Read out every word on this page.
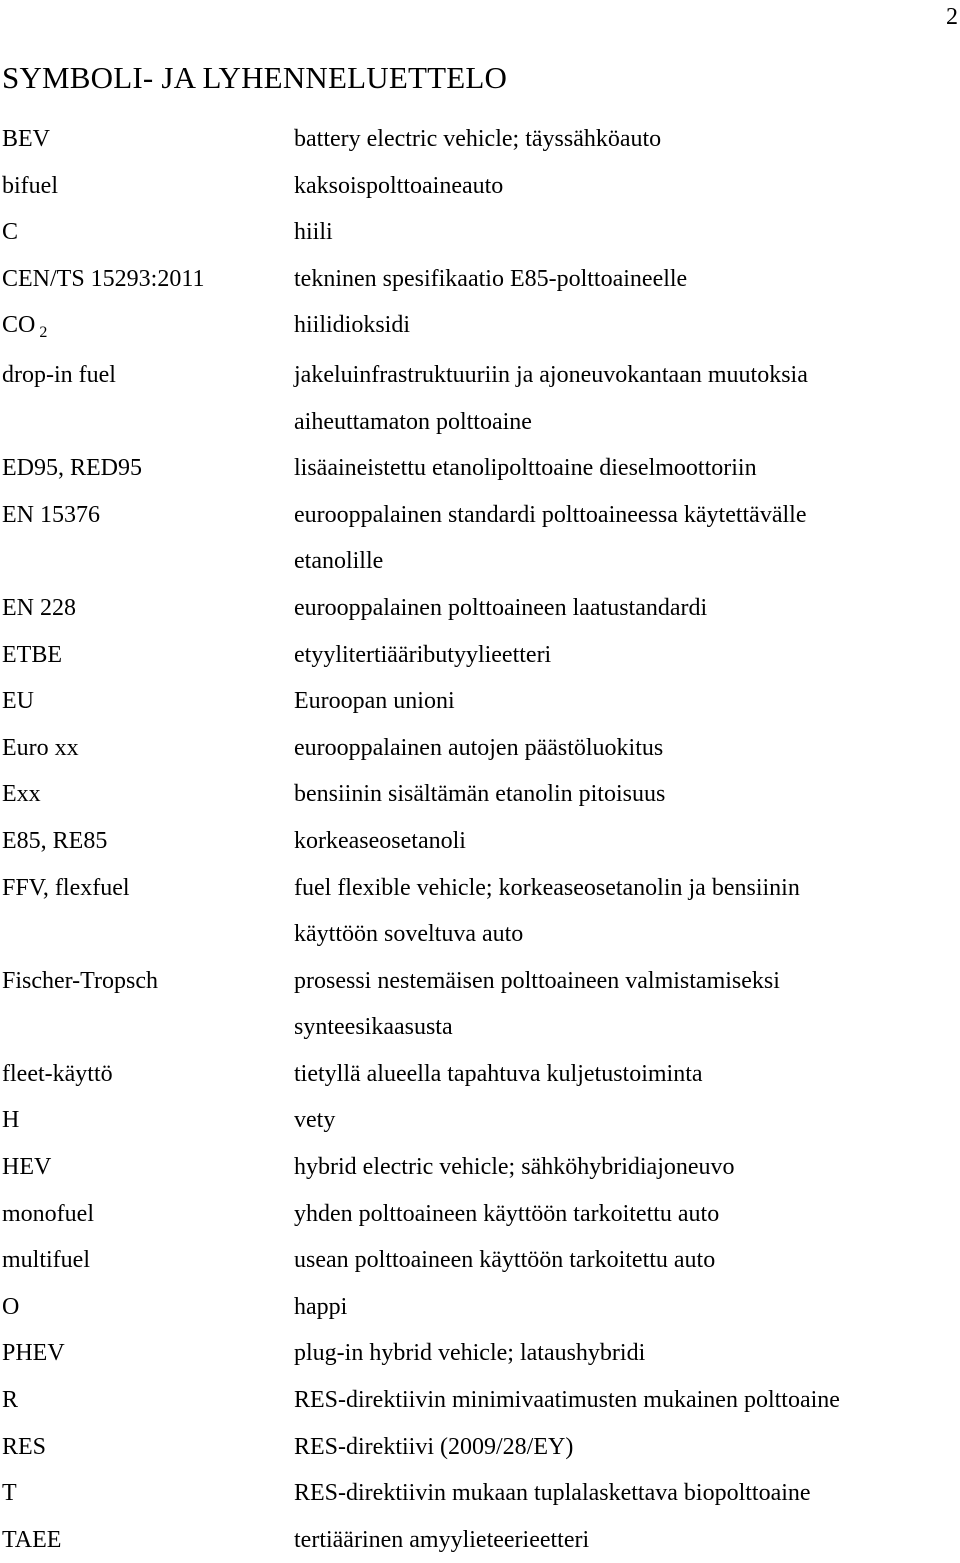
2
SYMBOLI- JA LYHENNELUETTELO
BEV	battery electric vehicle; täyssähköauto
bifuel	kaksoispolttoaineauto
C	hiili
CEN/TS 15293:2011	tekninen spesifikaatio E85-polttoaineelle
CO $_2$	hiilidioksidi
drop-in fuel	jakeluinfrastruktuuriin ja ajoneuvokantaan muutoksia
aiheuttamaton polttoaine
ED95, RED95	lisäaineistettu etanolipolttoaine dieselmoottoriin
EN 15376	eurooppalainen standardi polttoaineessa käytettävälle
etanolille
EN 228	eurooppalainen polttoaineen laatustandardi
ETBE	etyylitertiääributyylieetteri
EU	Euroopan unioni
Euro xx	eurooppalainen autojen päästöluokitus
Exx	bensiinin sisältämän etanolin pitoisuus
E85, RE85	korkeaseosetanoli
FFV, flexfuel	fuel flexible vehicle; korkeaseosetanolin ja bensiinin
käyttöön soveltuva auto
Fischer-Tropsch	prosessi nestemäisen polttoaineen valmistamiseksi
synteesikaasusta
fleet-käyttö	tietyllä alueella tapahtuva kuljetustoiminta
H	vety
HEV	hybrid electric vehicle; sähköhybridiajoneuvo
monofuel	yhden polttoaineen käyttöön tarkoitettu auto
multifuel	usean polttoaineen käyttöön tarkoitettu auto
O	happi
PHEV	plug-in hybrid vehicle; lataushybridi
R	RES-direktiivin minimivaatimusten mukainen polttoaine
RES	RES-direktiivi (2009/28/EY)
T	RES-direktiivin mukaan tuplalaskettava biopolttoaine
TAEE	tertiäärinen amyylieteerieetteri
